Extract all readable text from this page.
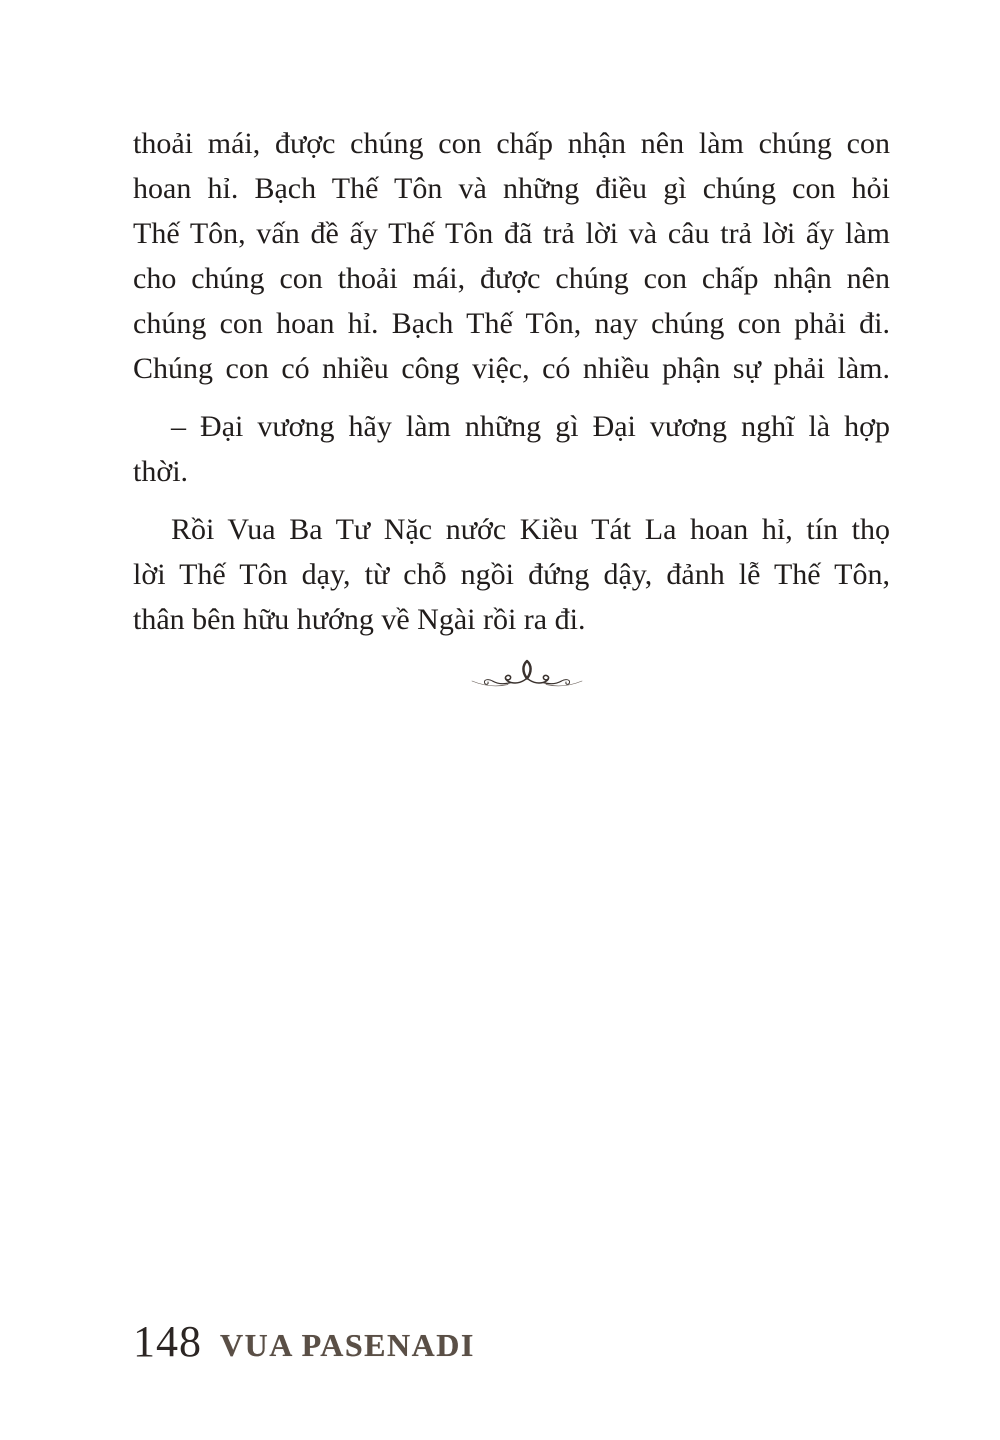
thoải mái, được chúng con chấp nhận nên làm chúng con
hoan hỉ. Bạch Thế Tôn và những điều gì chúng con hỏi
Thế Tôn, vấn đề ấy Thế Tôn đã trả lời và câu trả lời ấy làm
cho chúng con thoải mái, được chúng con chấp nhận nên
chúng con hoan hỉ. Bạch Thế Tôn, nay chúng con phải đi.
Chúng con có nhiều công việc, có nhiều phận sự phải làm.
– Đại vương hãy làm những gì Đại vương nghĩ là hợp
thời.
Rồi Vua Ba Tư Nặc nước Kiều Tát La hoan hỉ, tín thọ
lời Thế Tôn dạy, từ chỗ ngồi đứng dậy, đảnh lễ Thế Tôn,
thân bên hữu hướng về Ngài rồi ra đi.
148 VUA PASENADI
